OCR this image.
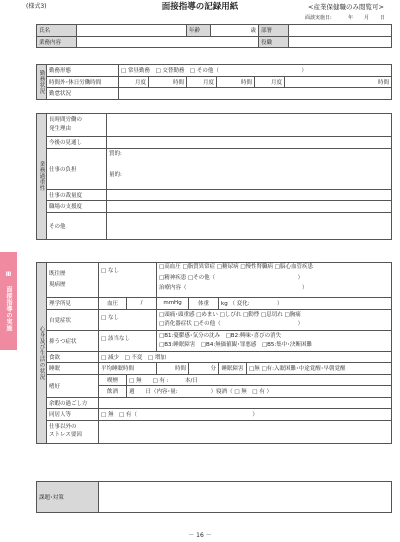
(様式3)	面接指導の記録用紙	<産業保健職のみ閲覧可>
面談実施日:	年 月 日
Ⅲ 面接指導の実施
氏名		年齢	歳	部署	
業務内容				役職	
勤務状況	勤務形態	□ 常昼勤務　□ 交替勤務　□ その他（　　　　　　　　　　　　　　　）					
	時間外･休日労働時間	月度	時間	月度	時間	月度	時間
	勤怠状況						
業務過重性	長時間労働の
発生理由	

	今後の見通し	
	仕事の負担	質的:
量的:

	仕事の裁量度	
	職場の支援度	
	その他	
心身及び生活の状況	既往歴
現病歴	□ なし		□高血圧 □脂質異常症 □糖尿病 □慢性腎臓病 □脳心血管疾患
□精神疾患 □その他（　　　　　　　　　　　　　　　）
治療内容（　　　　　　　　　　　　　　　　　　　　　）			

	理学所見	血圧	/	mmHg	体重	kg （ 変化:　　　　　）	
	自覚症状	□ なし		□頭痛･頭重感 □めまい □しびれ □動悸 □息切れ □胸痛
□消化器症状 □その他（　　　　　　　　　　　　　　）			

	抑うつ症状	□ 該当なし		□B1:憂鬱感･気分の沈み　 □B2:興味･喜びの消失
□B3:睡眠障害　 □B4:無価値観･罪悪感　 □B5:集中･決断困難			

	食欲	□ 減少　□ 不変　□ 増加					
	睡眠	平均睡眠時間		時間	分	睡眠障害	□無 □有:入眠困難･中途覚醒･早朝覚醒
	嗜好	喫煙	□ 無　　□ 有 :　　　本/日				
		飲酒	週　　日（内容･量:　　　　　　）寝酒（ □ 無　□ 有 ）				
	余暇の過ごし方						
	同居人等	□ 無　□ 有（　　　　　　　　　　　　　　　　　　　　　）					

	仕事以外の
ストレス要因						

課題･対策	
－ 16 －
